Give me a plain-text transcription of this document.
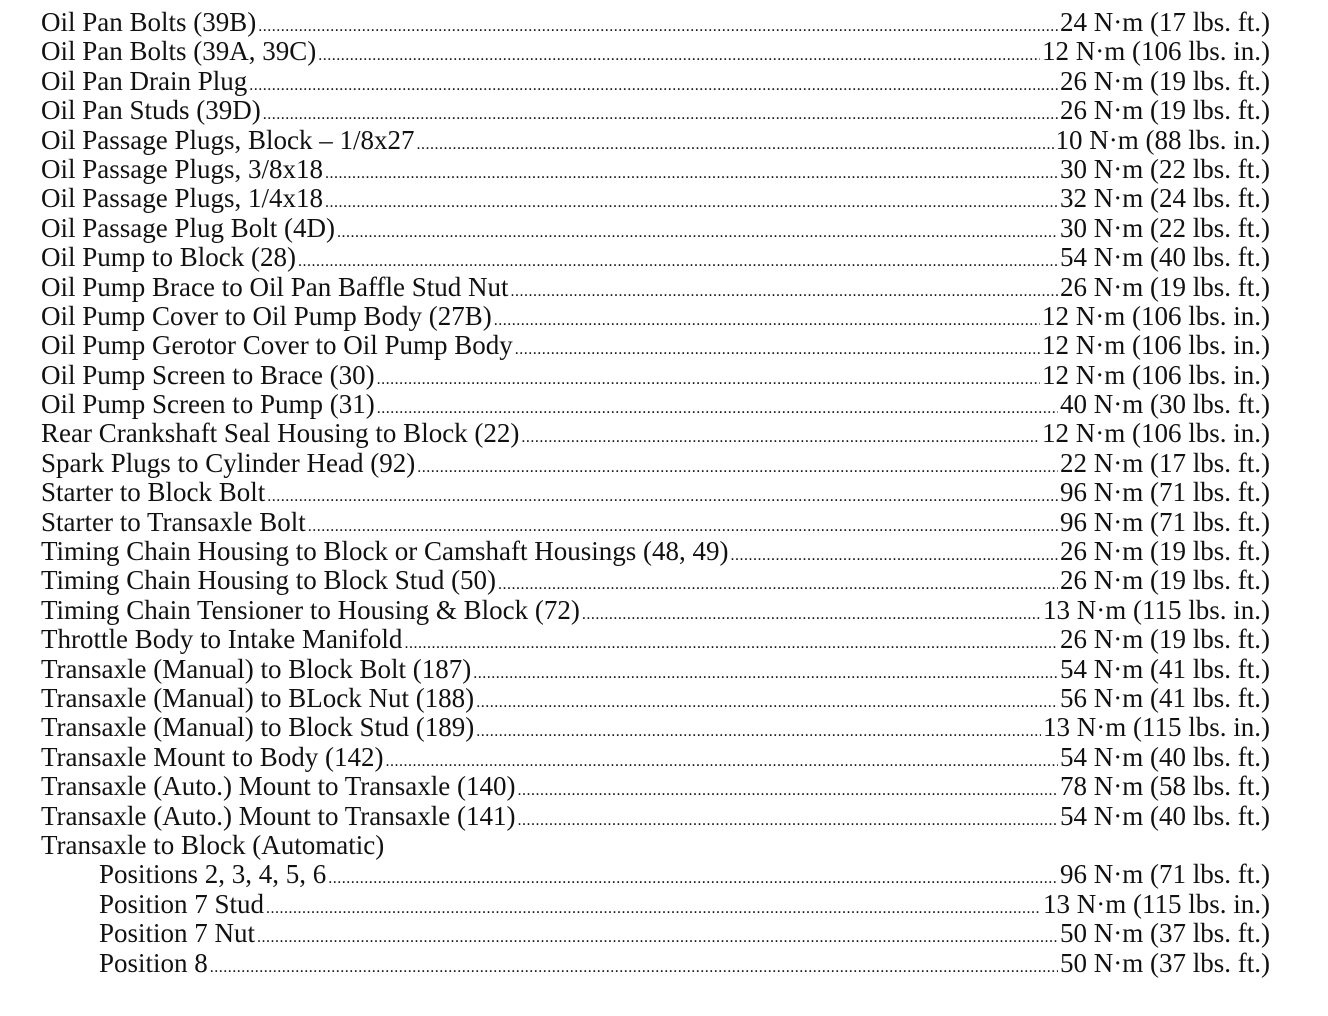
Oil Pan Bolts (39B) .....	24 N·m (17 lbs. ft.)
Oil Pan Bolts (39A, 39C) .....	12 N·m (106 lbs. in.)
Oil Pan Drain Plug .....	26 N·m (19 lbs. ft.)
Oil Pan Studs (39D) .....	26 N·m (19 lbs. ft.)
Oil Passage Plugs, Block – 1/8x27 .....	10 N·m (88 lbs. in.)
Oil Passage Plugs, 3/8x18 .....	30 N·m (22 lbs. ft.)
Oil Passage Plugs, 1/4x18 .....	32 N·m (24 lbs. ft.)
Oil Passage Plug Bolt (4D) .....	30 N·m (22 lbs. ft.)
Oil Pump to Block (28) .....	54 N·m (40 lbs. ft.)
Oil Pump Brace to Oil Pan Baffle Stud Nut .....	26 N·m (19 lbs. ft.)
Oil Pump Cover to Oil Pump Body (27B) .....	12 N·m (106 lbs. in.)
Oil Pump Gerotor Cover to Oil Pump Body .....	12 N·m (106 lbs. in.)
Oil Pump Screen to Brace (30) .....	12 N·m (106 lbs. in.)
Oil Pump Screen to Pump (31) .....	40 N·m (30 lbs. ft.)
Rear Crankshaft Seal Housing to Block (22) .....	12 N·m (106 lbs. in.)
Spark Plugs to Cylinder Head (92) .....	22 N·m (17 lbs. ft.)
Starter to Block Bolt .....	96 N·m (71 lbs. ft.)
Starter to Transaxle Bolt .....	96 N·m (71 lbs. ft.)
Timing Chain Housing to Block or Camshaft Housings (48, 49) .....	26 N·m (19 lbs. ft.)
Timing Chain Housing to Block Stud (50) .....	26 N·m (19 lbs. ft.)
Timing Chain Tensioner to Housing & Block (72) .....	13 N·m (115 lbs. in.)
Throttle Body to Intake Manifold .....	26 N·m (19 lbs. ft.)
Transaxle (Manual) to Block Bolt (187) .....	54 N·m (41 lbs. ft.)
Transaxle (Manual) to BLock Nut (188) .....	56 N·m (41 lbs. ft.)
Transaxle (Manual) to Block Stud (189) .....	13 N·m (115 lbs. in.)
Transaxle Mount to Body (142) .....	54 N·m (40 lbs. ft.)
Transaxle (Auto.) Mount to Transaxle (140) .....	78 N·m (58 lbs. ft.)
Transaxle (Auto.) Mount to Transaxle (141) .....	54 N·m (40 lbs. ft.)
Transaxle to Block (Automatic)
Positions 2, 3, 4, 5, 6 .....	96 N·m (71 lbs. ft.)
Position 7 Stud .....	13 N·m (115 lbs. in.)
Position 7 Nut .....	50 N·m (37 lbs. ft.)
Position 8 .....	50 N·m (37 lbs. ft.)
